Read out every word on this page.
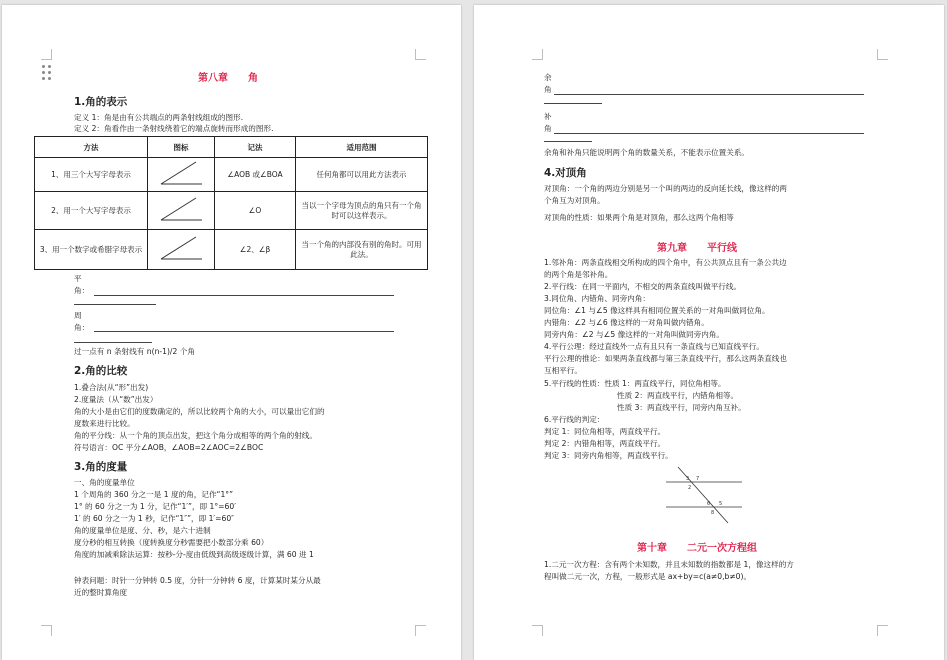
第八章　　角
1.角的表示
定义 1：角是由有公共端点的两条射线组成的图形.
定义 2：角看作由一条射线绕着它的端点旋转而形成的图形.
方法	图标	记法	适用范围
1、用三个大写字母表示		∠AOB 或∠BOA	任何角都可以用此方法表示
2、用一个大写字母表示		∠O	当以一个字母为顶点的角只有一个角时可以这样表示。
3、用一个数字或希腊字母表示		∠2、∠β	当一个角的内部没有别的角时。可用此法。
平
角：
周
角：
过一点有 n 条射线有 n(n-1)/2 个角
2.角的比较
1.叠合法(从“形”出发)
2.度量法（从“数”出发）
角的大小是由它们的度数确定的，所以比较两个角的大小，可以量出它们的
度数来进行比较。
角的平分线：从一个角的顶点出发，把这个角分成相等的两个角的射线。
符号语言：OC 平分∠AOB，∠AOB=2∠AOC=2∠BOC
3.角的度量
一、角的度量单位
1 个周角的 360 分之一是 1 度的角，记作“1°”
1° 的 60 分之一为 1 分，记作“1′”，即 1°=60′
1′ 的 60 分之一为 1 秒，记作“1″”，即 1′=60″
角的度量单位是度、分、秒，是六十进制
度分秒的相互转换（度转换度分秒需要把小数部分乘 60）
角度的加减乘除法运算：按秒-分-度由低级到高级逐级计算，满 60 进 1
钟表问题：时针一分钟转 0.5 度，分针一分钟转 6 度，计算某时某分从最
近的整时算角度
余
角
补
角
余角和补角只能说明两个角的数量关系，不能表示位置关系。
4.对顶角
对顶角：一个角的两边分别是另一个叫的两边的反向延长线，像这样的两
个角互为对顶角。
对顶角的性质：如果两个角是对顶角，那么这两个角相等
第九章　　平行线
1.邻补角：两条直线相交所构成的四个角中，有公共顶点且有一条公共边
的两个角是邻补角。
2.平行线：在同一平面内，不相交的两条直线叫做平行线。
3.同位角、内错角、同旁内角：
同位角：∠1 与∠5 像这样具有相同位置关系的一对角叫做同位角。
内错角：∠2 与∠6 像这样的一对角叫做内错角。
同旁内角：∠2 与∠5 像这样的一对角叫做同旁内角。
4.平行公理：经过直线外一点有且只有一条直线与已知直线平行。
平行公理的推论：如果两条直线都与第三条直线平行，那么这两条直线也
互相平行。
5.平行线的性质：性质 1：两直线平行，同位角相等。
性质 2：两直线平行，内错角相等。
性质 3：两直线平行，同旁内角互补。
6.平行线的判定：
判定 1：同位角相等，两直线平行。
判定 2：内错角相等，两直线平行。
判定 3：同旁内角相等，两直线平行。
3 7
2
6 5
8
第十章　　二元一次方程组
1.二元一次方程：含有两个未知数，并且未知数的指数都是 1，像这样的方
程叫做二元一次，方程，一般形式是 ax+by=c(a≠0,b≠0)。
